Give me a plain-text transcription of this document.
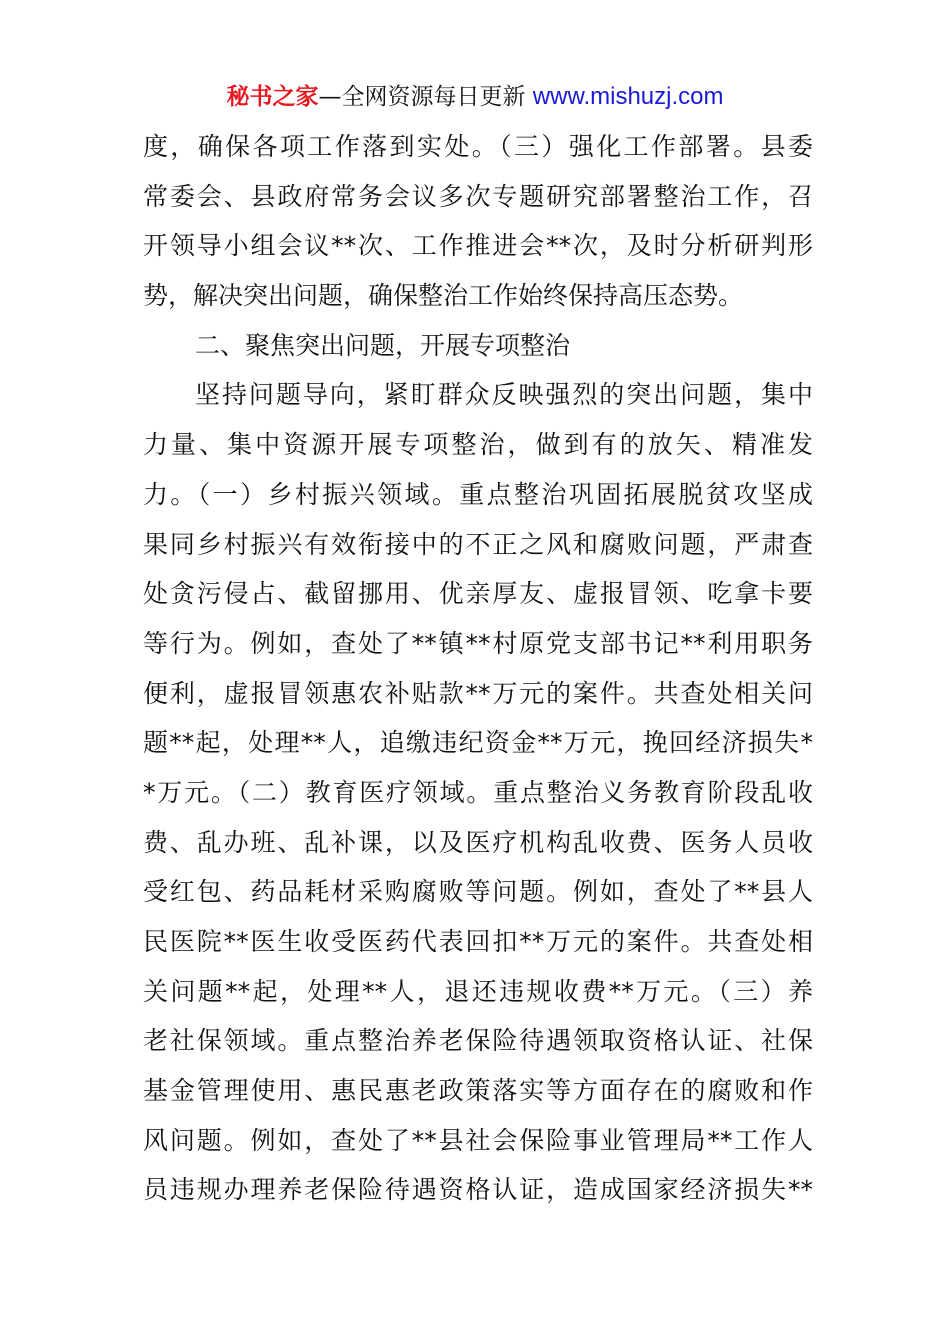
秘书之家—全网资源每日更新 www.mishuzj.com
度，确保各项工作落到实处。（三）强化工作部署。县委
常委会、县政府常务会议多次专题研究部署整治工作，召
开领导小组会议**次、工作推进会**次，及时分析研判形
势，解决突出问题，确保整治工作始终保持高压态势。
二、聚焦突出问题，开展专项整治
坚持问题导向，紧盯群众反映强烈的突出问题，集中
力量、集中资源开展专项整治，做到有的放矢、精准发
力。（一）乡村振兴领域。重点整治巩固拓展脱贫攻坚成
果同乡村振兴有效衔接中的不正之风和腐败问题，严肃查
处贪污侵占、截留挪用、优亲厚友、虚报冒领、吃拿卡要
等行为。例如，查处了**镇**村原党支部书记**利用职务
便利，虚报冒领惠农补贴款**万元的案件。共查处相关问
题**起，处理**人，追缴违纪资金**万元，挽回经济损失*
*万元。（二）教育医疗领域。重点整治义务教育阶段乱收
费、乱办班、乱补课，以及医疗机构乱收费、医务人员收
受红包、药品耗材采购腐败等问题。例如，查处了**县人
民医院**医生收受医药代表回扣**万元的案件。共查处相
关问题**起，处理**人，退还违规收费**万元。（三）养
老社保领域。重点整治养老保险待遇领取资格认证、社保
基金管理使用、惠民惠老政策落实等方面存在的腐败和作
风问题。例如，查处了**县社会保险事业管理局**工作人
员违规办理养老保险待遇资格认证，造成国家经济损失**
